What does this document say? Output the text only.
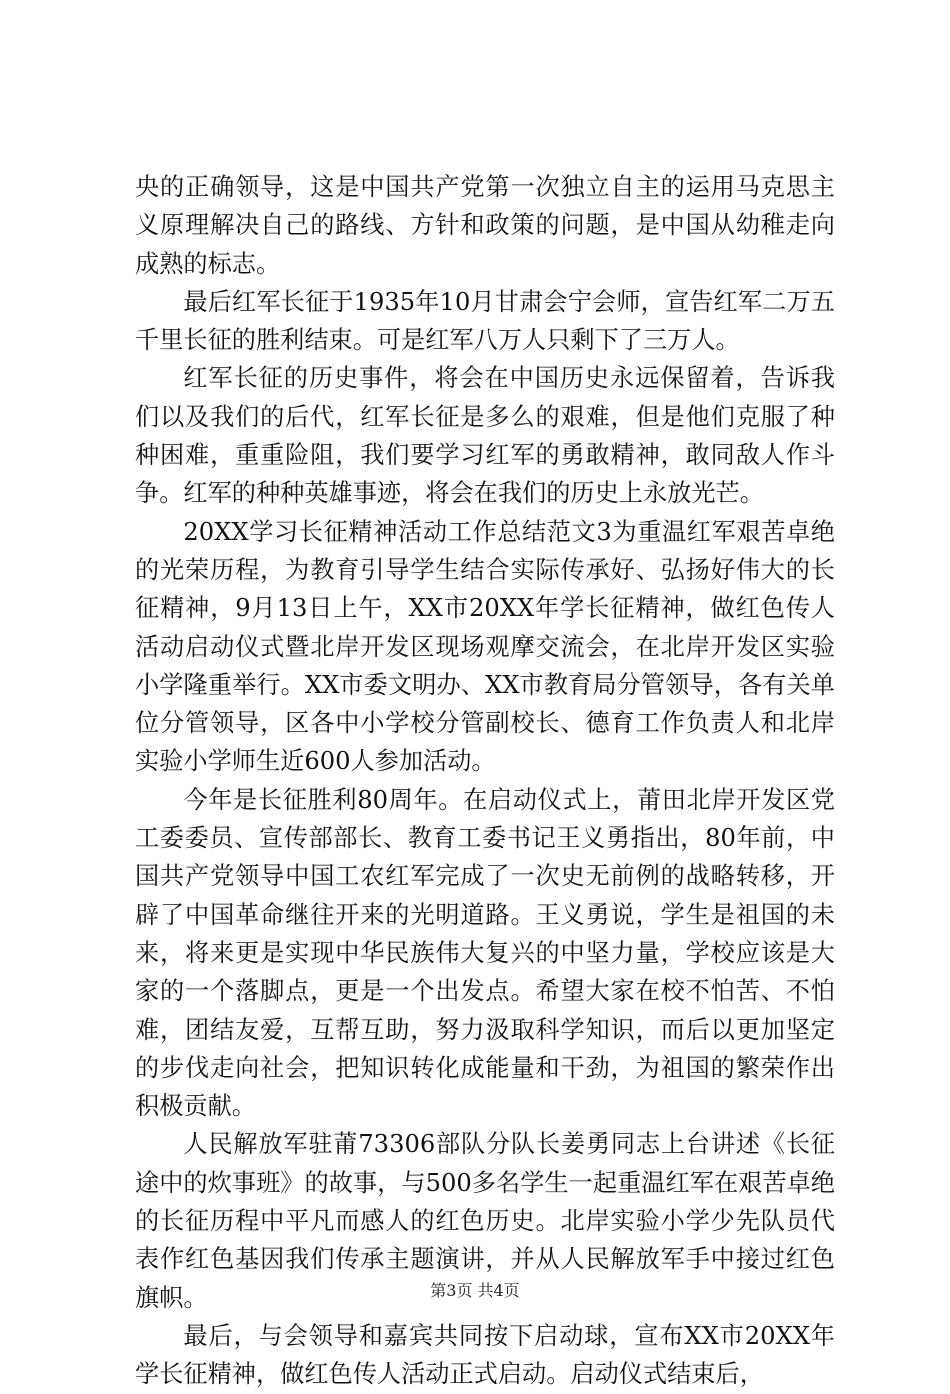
央的正确领导，这是中国共产党第一次独立自主的运用马克思主义原理解决自己的路线、方针和政策的问题，是中国从幼稚走向成熟的标志。

最后红军长征于1935年10月甘肃会宁会师，宣告红军二万五千里长征的胜利结束。可是红军八万人只剩下了三万人。

红军长征的历史事件，将会在中国历史永远保留着，告诉我们以及我们的后代，红军长征是多么的艰难，但是他们克服了种种困难，重重险阻，我们要学习红军的勇敢精神，敢同敌人作斗争。红军的种种英雄事迹，将会在我们的历史上永放光芒。

20XX学习长征精神活动工作总结范文3为重温红军艰苦卓绝的光荣历程，为教育引导学生结合实际传承好、弘扬好伟大的长征精神，9月13日上午，XX市20XX年学长征精神，做红色传人活动启动仪式暨北岸开发区现场观摩交流会，在北岸开发区实验小学隆重举行。XX市委文明办、XX市教育局分管领导，各有关单位分管领导，区各中小学校分管副校长、德育工作负责人和北岸实验小学师生近600人参加活动。

今年是长征胜利80周年。在启动仪式上，莆田北岸开发区党工委委员、宣传部部长、教育工委书记王义勇指出，80年前，中国共产党领导中国工农红军完成了一次史无前例的战略转移，开辟了中国革命继往开来的光明道路。王义勇说，学生是祖国的未来，将来更是实现中华民族伟大复兴的中坚力量，学校应该是大家的一个落脚点，更是一个出发点。希望大家在校不怕苦、不怕难，团结友爱，互帮互助，努力汲取科学知识，而后以更加坚定的步伐走向社会，把知识转化成能量和干劲，为祖国的繁荣作出积极贡献。

人民解放军驻莆73306部队分队长姜勇同志上台讲述《长征途中的炊事班》的故事，与500多名学生一起重温红军在艰苦卓绝的长征历程中平凡而感人的红色历史。北岸实验小学少先队员代表作红色基因我们传承主题演讲，并从人民解放军手中接过红色旗帜。

最后，与会领导和嘉宾共同按下启动球，宣布XX市20XX年学长征精神，做红色传人活动正式启动。启动仪式结束后，

第3页 共4页
